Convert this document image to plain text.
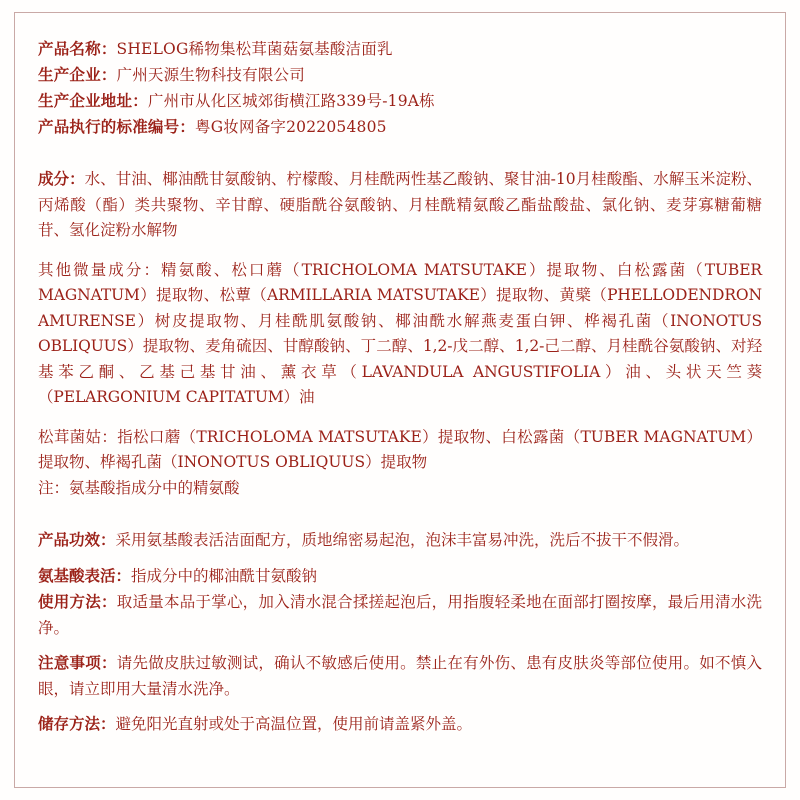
产品名称：SHELOG稀物集松茸菌菇氨基酸洁面乳
生产企业：广州天源生物科技有限公司
生产企业地址：广州市从化区城郊街横江路339号-19A栋
产品执行的标准编号：粤G妆网备字2022054805
成分：水、甘油、椰油酰甘氨酸钠、柠檬酸、月桂酰两性基乙酸钠、聚甘油-10月桂酸酯、水解玉米淀粉、丙烯酸（酯）类共聚物、辛甘醇、硬脂酰谷氨酸钠、月桂酰精氨酸乙酯盐酸盐、氯化钠、麦芽寡糖葡糖苷、氢化淀粉水解物
其他微量成分：精氨酸、松口蘑（TRICHOLOMA MATSUTAKE）提取物、白松露菌（TUBER MAGNATUM）提取物、松蕈（ARMILLARIA MATSUTAKE）提取物、黄檗（PHELLODENDRON AMURENSE）树皮提取物、月桂酰肌氨酸钠、椰油酰水解燕麦蛋白钾、桦褐孔菌（INONOTUS OBLIQUUS）提取物、麦角硫因、甘醇酸钠、丁二醇、1,2-戊二醇、1,2-己二醇、月桂酰谷氨酸钠、对羟基苯乙酮、乙基己基甘油、薰衣草（LAVANDULA ANGUSTIFOLIA）油、头状天竺葵（PELARGONIUM CAPITATUM）油
松茸菌姑：指松口蘑（TRICHOLOMA MATSUTAKE）提取物、白松露菌（TUBER MAGNATUM）提取物、桦褐孔菌（INONOTUS OBLIQUUS）提取物
注：氨基酸指成分中的精氨酸
产品功效：采用氨基酸表活洁面配方，质地绵密易起泡，泡沫丰富易冲洗，洗后不拔干不假滑。
氨基酸表活：指成分中的椰油酰甘氨酸钠
使用方法：取适量本品于掌心，加入清水混合揉搓起泡后，用指腹轻柔地在面部打圈按摩，最后用清水洗净。
注意事项：请先做皮肤过敏测试，确认不敏感后使用。禁止在有外伤、患有皮肤炎等部位使用。如不慎入眼，请立即用大量清水洗净。
储存方法：避免阳光直射或处于高温位置，使用前请盖紧外盖。
